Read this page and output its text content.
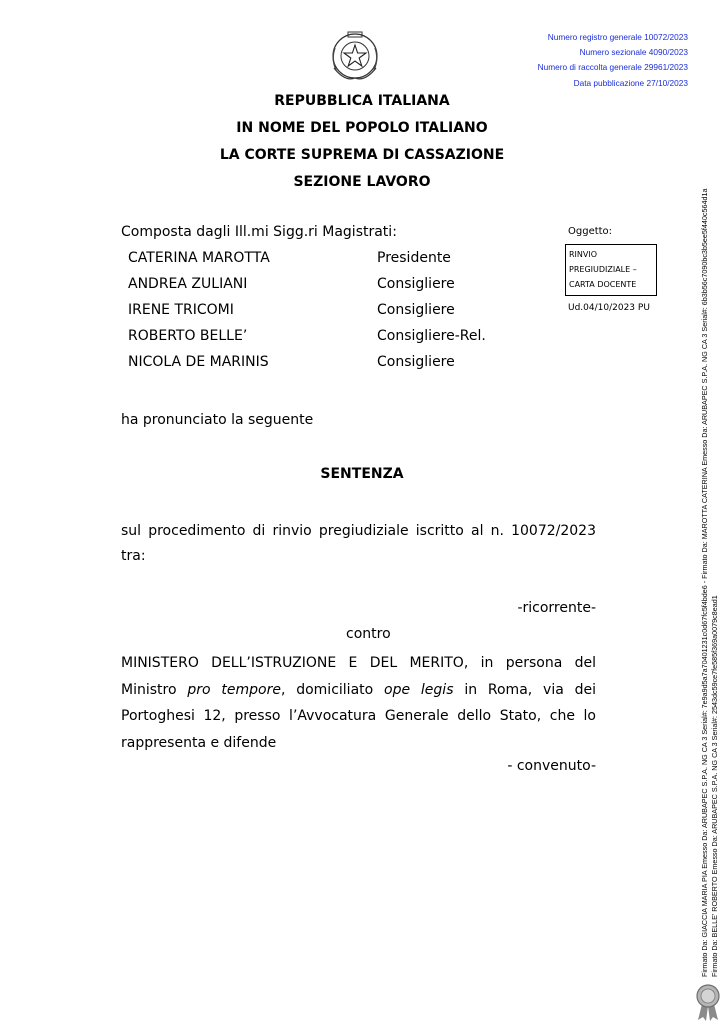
Numero registro generale 10072/2023
Numero sezionale 4090/2023
Numero di raccolta generale 29961/2023
Data pubblicazione 27/10/2023
REPUBBLICA ITALIANA
IN NOME DEL POPOLO ITALIANO
LA CORTE SUPREMA DI CASSAZIONE
SEZIONE LAVORO
Composta dagli Ill.mi Sigg.ri Magistrati:
CATERINA MAROTTA	Presidente
ANDREA ZULIANI	Consigliere
IRENE TRICOMI	Consigliere
ROBERTO BELLE’	Consigliere-Rel.
NICOLA DE MARINIS	Consigliere
Oggetto:
RINVIO
PREGIUDIZIALE –
CARTA DOCENTE
Ud.04/10/2023 PU
ha pronunciato la seguente
SENTENZA
sul procedimento di rinvio pregiudiziale iscritto al n. 10072/2023
tra:
-ricorrente-
contro
MINISTERO DELL’ISTRUZIONE E DEL MERITO, in persona del Ministro pro tempore, domiciliato ope legis in Roma, via dei Portoghesi 12, presso l’Avvocatura Generale dello Stato, che lo rappresenta e difende
- convenuto-	Firmato Da: GIACCIA MARIA PIA Emesso Da: ARUBAPEC S.P.A. NG CA 3 Serial#: 7e9a9d5a7a70401231c0d67fc5f4bde6 - Firmato Da: MAROTTA CATERINA Emesso Da: ARUBAPEC S.P.A. NG CA 3 Serial#: 6b3b56c7090bc3b5ee5f440c564d1a Firmato Da: BELLE' ROBERTO Emesso Da: ARUBAPEC S.P.A. NG CA 3 Serial#: 2543dc59ce7fe585f369a0079c8ead1
